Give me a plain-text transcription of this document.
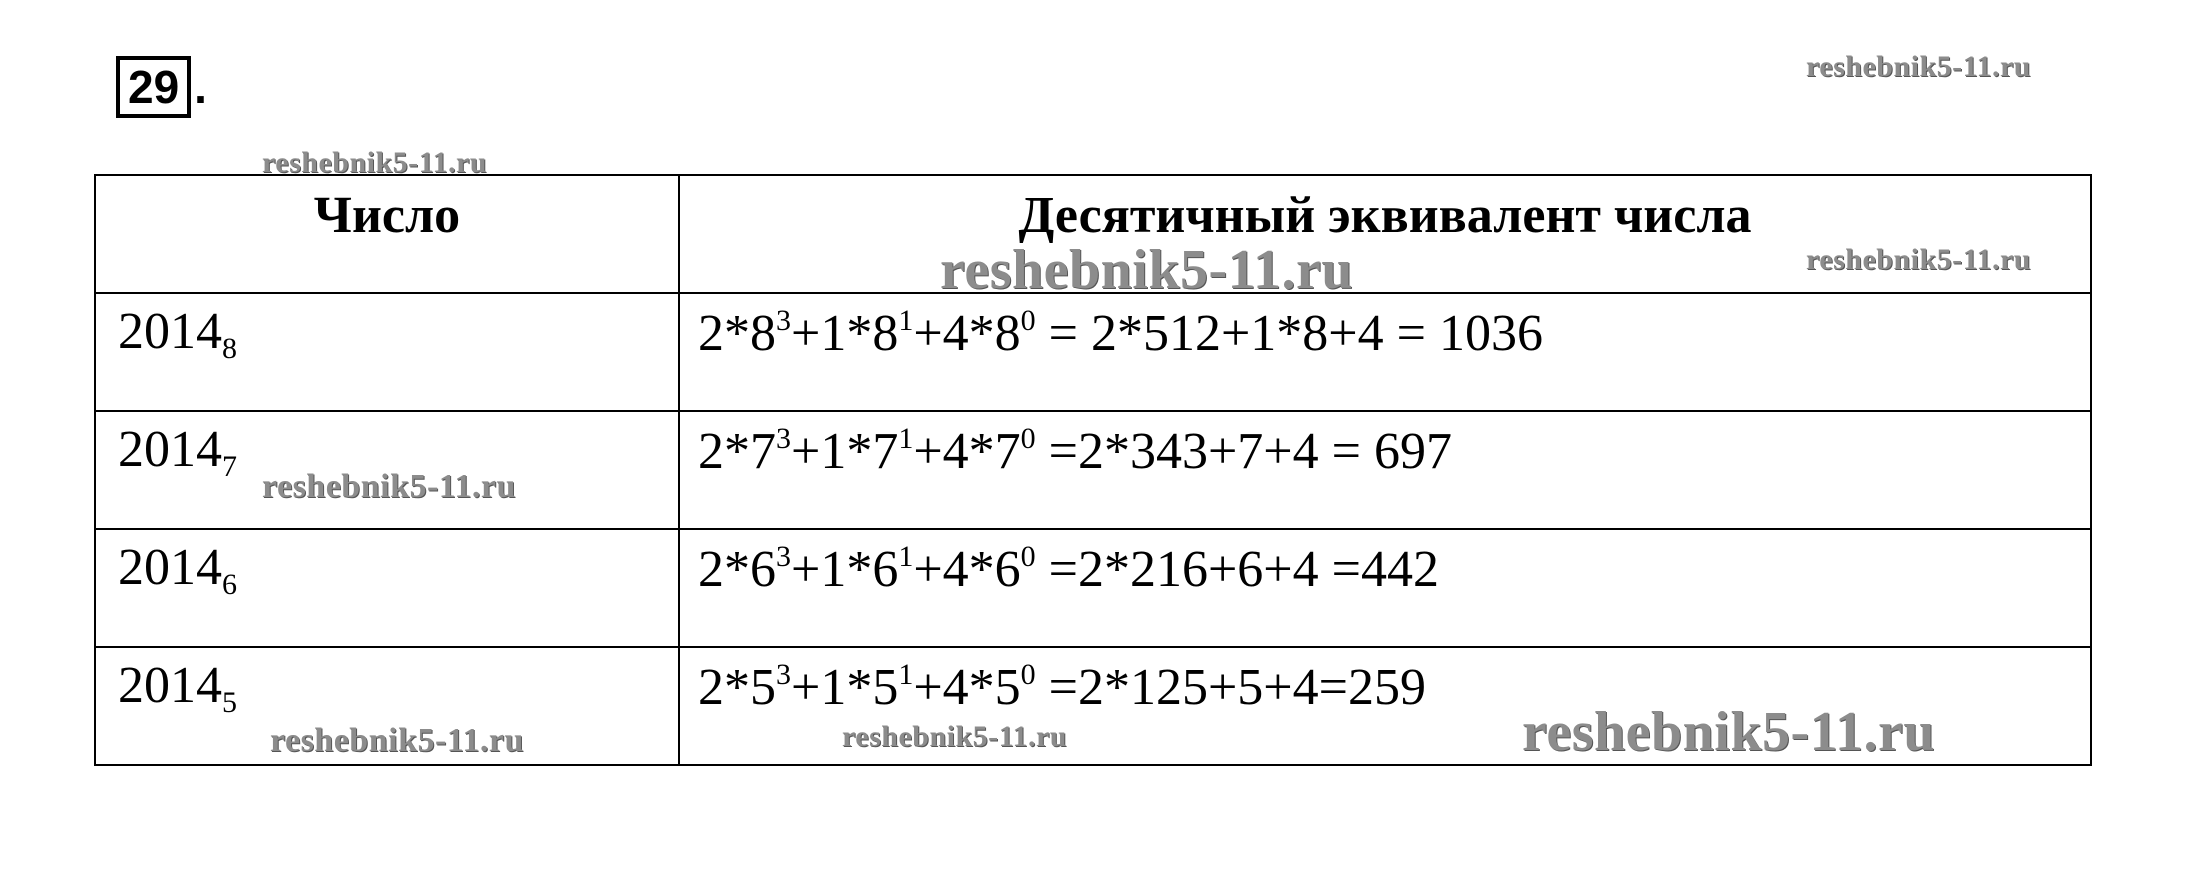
29 .
Число	Десятичный эквивалент числа
$2014_8$	$2*8^3+1*8^1+4*8^0 = 2*512+1*8+4 = 1036$
$2014_7$	$2*7^3+1*7^1+4*7^0 =2*343+7+4 = 697$
$2014_6$	$2*6^3+1*6^1+4*6^0 =2*216+6+4 =442$
$2014_5$	$2*5^3+1*5^1+4*5^0 =2*125+5+4=259$
reshebnik5-11.ru
reshebnik5-11.ru
reshebnik5-11.ru	reshebnik5-11.ru
reshebnik5-11.ru
reshebnik5-11.ru	reshebnik5-11.ru	reshebnik5-11.ru
